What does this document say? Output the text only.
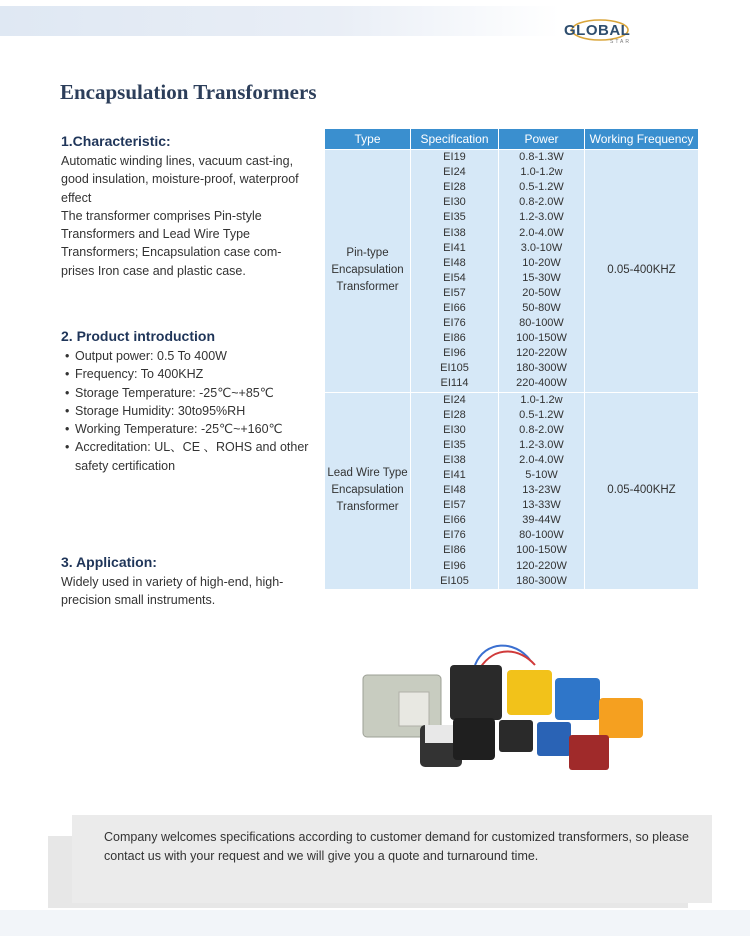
GLOBAL
STAR
Encapsulation Transformers
1.Characteristic:

Automatic winding lines, vacuum cast-ing, good insulation, moisture-proof, waterproof effect

The transformer comprises Pin-style Transformers and Lead Wire Type Transformers; Encapsulation case com-prises Iron case and plastic case.

2. Product introduction
• Output power: 0.5 To 400W
• Frequency: To 400KHZ
• Storage Temperature: -25℃~+85℃
• Storage Humidity: 30to95%RH
• Working Temperature: -25℃~+160℃
• Accreditation: UL、CE 、ROHS and other safety certification
3. Application:

Widely used in variety of high-end, high-precision small instruments.

Type	Specification	Power	Working Frequency
Pin-type Encapsulation Transformer	EI19	0.8-1.3W	0.05-400KHZ
	EI24	1.0-1.2w	
	EI28	0.5-1.2W	
	EI30	0.8-2.0W	
	EI35	1.2-3.0W	
	EI38	2.0-4.0W	
	EI41	3.0-10W	
	EI48	10-20W	
	EI54	15-30W	
	EI57	20-50W	
	EI66	50-80W	
	EI76	80-100W	
	EI86	100-150W	
	EI96	120-220W	
	EI105	180-300W	
	EI114	220-400W	
Lead Wire Type Encapsulation Transformer	EI24	1.0-1.2w	0.05-400KHZ
	EI28	0.5-1.2W	
	EI30	0.8-2.0W	
	EI35	1.2-3.0W	
	EI38	2.0-4.0W	
	EI41	5-10W	
	EI48	13-23W	
	EI57	13-33W	
	EI66	39-44W	
	EI76	80-100W	
	EI86	100-150W	
	EI96	120-220W	
	EI105	180-300W	

Company welcomes specifications according to customer demand for customized transformers, so please contact us with your request and we will give you a quote and turnaround time.
